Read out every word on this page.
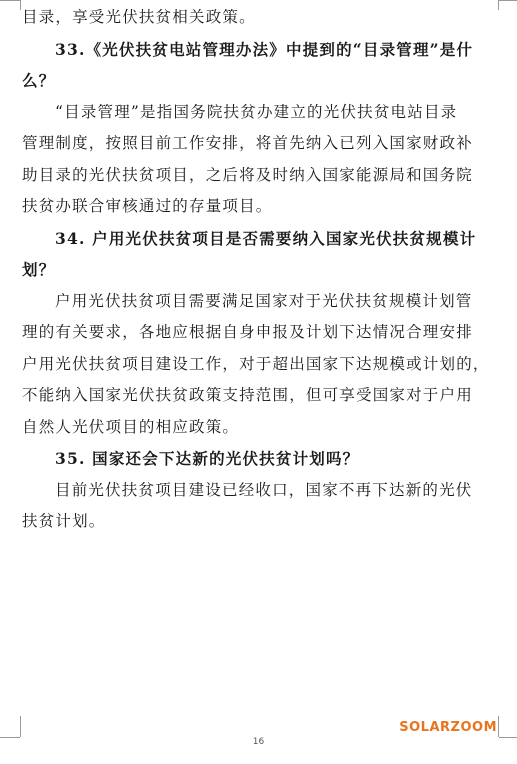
目录，享受光伏扶贫相关政策。
33.《光伏扶贫电站管理办法》中提到的“目录管理”是什
么？
“目录管理”是指国务院扶贫办建立的光伏扶贫电站目录
管理制度，按照目前工作安排，将首先纳入已列入国家财政补
助目录的光伏扶贫项目，之后将及时纳入国家能源局和国务院
扶贫办联合审核通过的存量项目。
34. 户用光伏扶贫项目是否需要纳入国家光伏扶贫规模计
划？
户用光伏扶贫项目需要满足国家对于光伏扶贫规模计划管
理的有关要求，各地应根据自身申报及计划下达情况合理安排
户用光伏扶贫项目建设工作，对于超出国家下达规模或计划的，
不能纳入国家光伏扶贫政策支持范围，但可享受国家对于户用
自然人光伏项目的相应政策。
35. 国家还会下达新的光伏扶贫计划吗？
目前光伏扶贫项目建设已经收口，国家不再下达新的光伏
扶贫计划。
SOLARZOOM
16
